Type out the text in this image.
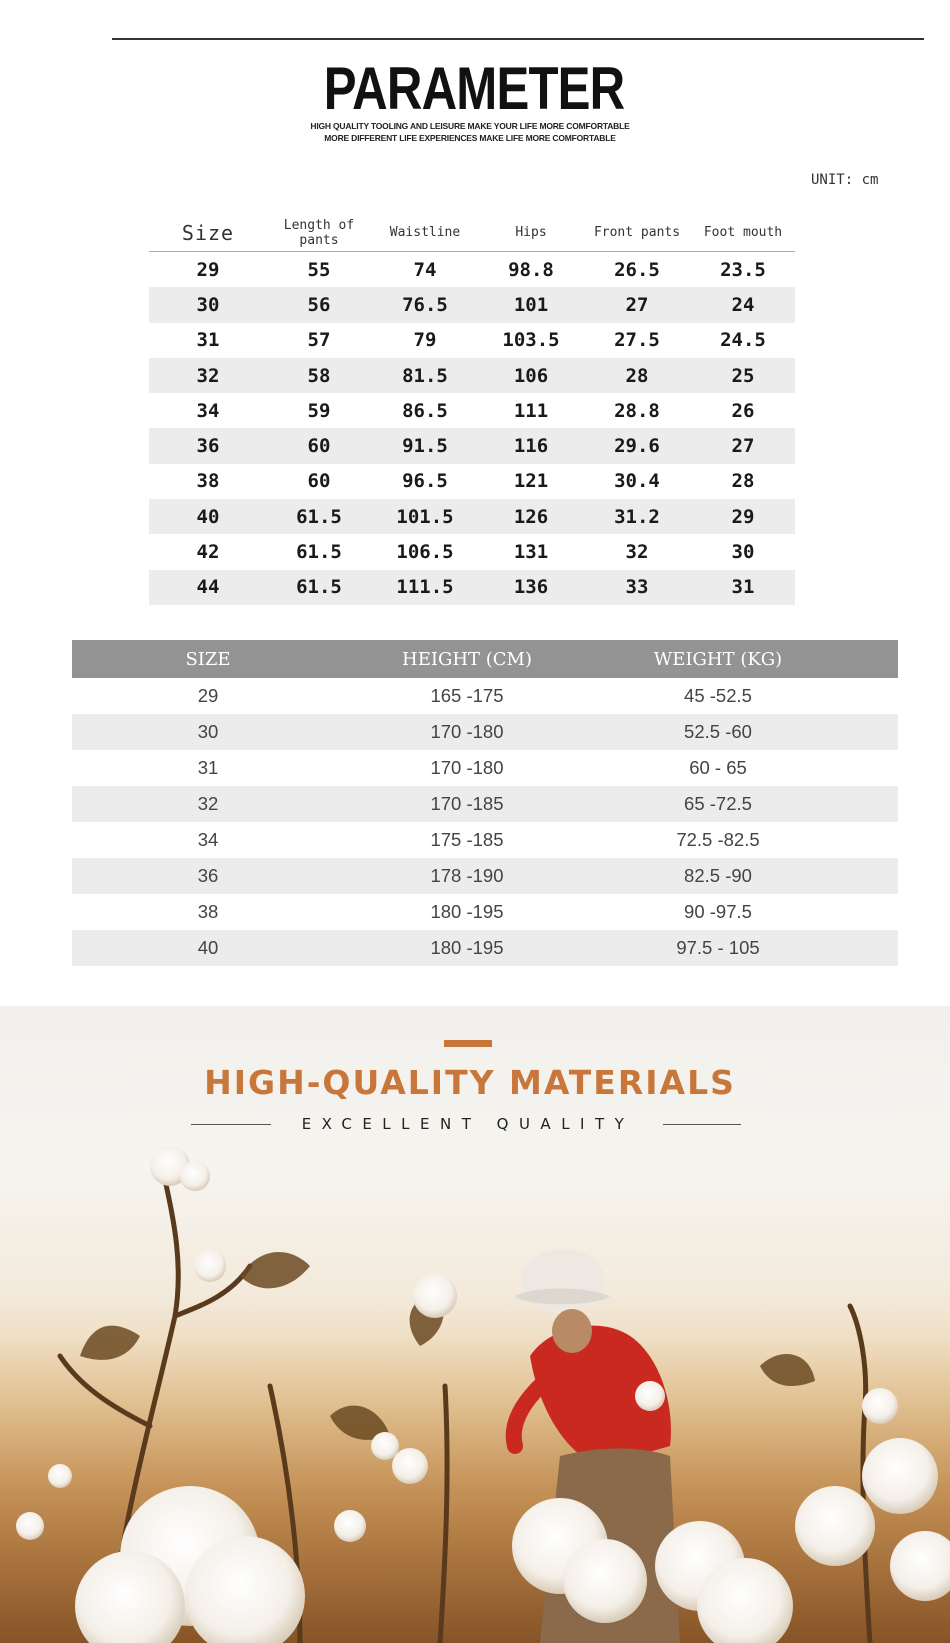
PARAMETER
HIGH QUALITY TOOLING AND LEISURE MAKE YOUR LIFE MORE COMFORTABLE
MORE DIFFERENT LIFE EXPERIENCES MAKE LIFE MORE COMFORTABLE
UNIT: cm
Size	Length of pants	Waistline	Hips	Front pants	Foot mouth
29	55	74	98.8	26.5	23.5
30	56	76.5	101	27	24
31	57	79	103.5	27.5	24.5
32	58	81.5	106	28	25
34	59	86.5	111	28.8	26
36	60	91.5	116	29.6	27
38	60	96.5	121	30.4	28
40	61.5	101.5	126	31.2	29
42	61.5	106.5	131	32	30
44	61.5	111.5	136	33	31
SIZE	HEIGHT (CM)	WEIGHT (KG)
29	165 -175	45 -52.5
30	170 -180	52.5 -60
31	170 -180	60 - 65
32	170 -185	65 -72.5
34	175 -185	72.5 -82.5
36	178 -190	82.5 -90
38	180 -195	90 -97.5
40	180 -195	97.5 - 105
HIGH-QUALITY MATERIALS
EXCELLENT QUALITY
